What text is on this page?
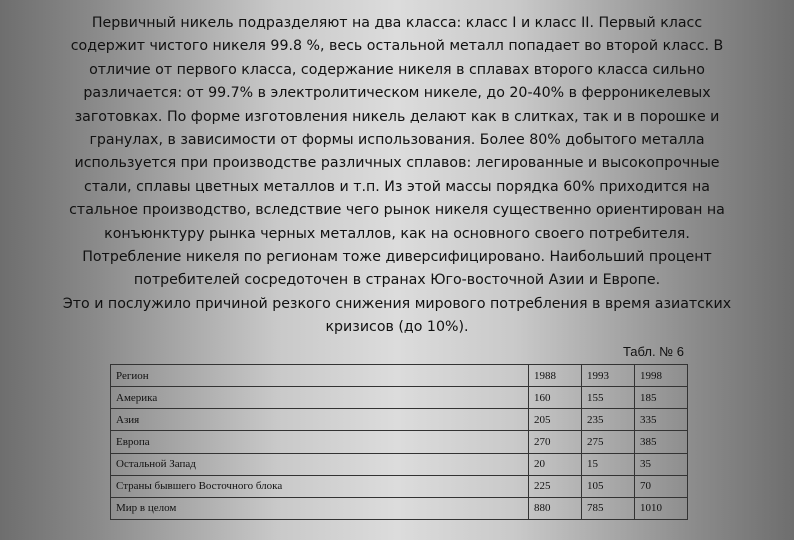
Первичный никель подразделяют на два класса: класс I и класс II. Первый класс
содержит чистого никеля 99.8 %, весь остальной металл попадает во второй класс. В
отличие от первого класса, содержание никеля в сплавах второго класса сильно
различается: от 99.7% в электролитическом никеле, до 20-40% в ферроникелевых
заготовках. По форме изготовления никель делают как в слитках, так и в порошке и
гранулах, в зависимости от формы использования. Более 80% добытого металла
используется при производстве различных сплавов: легированные и высокопрочные
стали, сплавы цветных металлов и т.п. Из этой массы порядка 60% приходится на
стальное производство, вследствие чего рынок никеля существенно ориентирован на
конъюнктуру рынка черных металлов, как на основного своего потребителя.
Потребление никеля по регионам тоже диверсифицировано. Наибольший процент
потребителей сосредоточен в странах Юго-восточной Азии и Европе.
Это и послужило причиной резкого снижения мирового потребления в время азиатских
кризисов (до 10%).
Табл. № 6
Регион	1988	1993	1998
Америка	160	155	185
Азия	205	235	335
Европа	270	275	385
Остальной Запад	20	15	35
Страны бывшего Восточного блока	225	105	70
Мир в целом	880	785	1010
